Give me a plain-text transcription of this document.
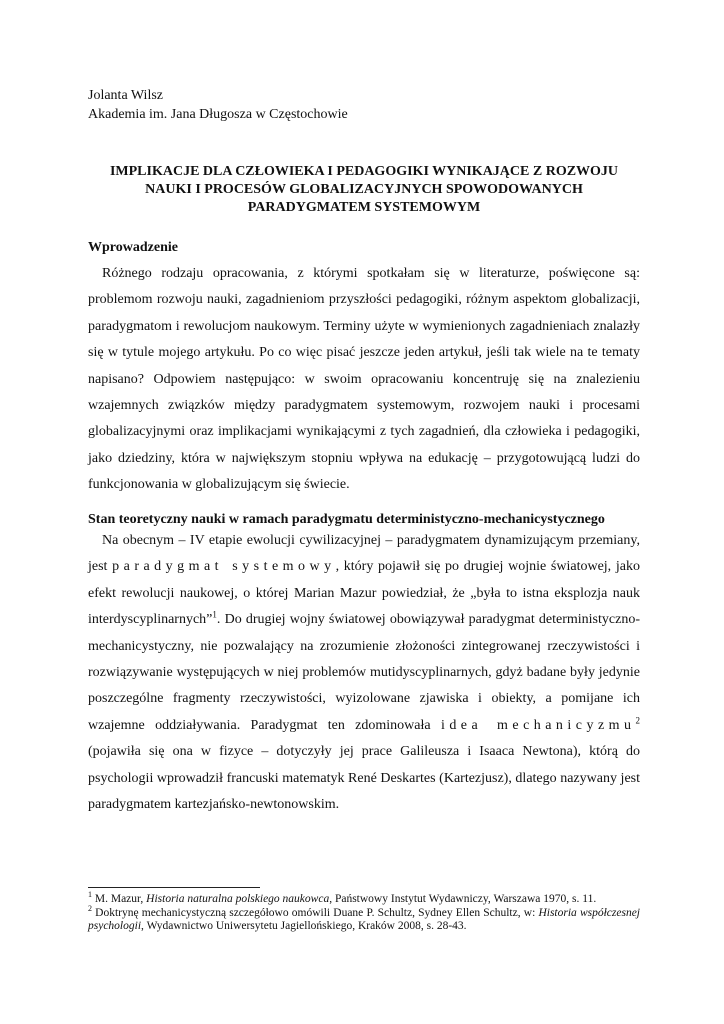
Jolanta Wilsz
Akademia im. Jana Długosza w Częstochowie
IMPLIKACJE DLA CZŁOWIEKA I PEDAGOGIKI WYNIKAJĄCE Z ROZWOJU NAUKI I PROCESÓW GLOBALIZACYJNYCH SPOWODOWANYCH PARADYGMATEM SYSTEMOWYM
Wprowadzenie
Różnego rodzaju opracowania, z którymi spotkałam się w literaturze, poświęcone są: problemom rozwoju nauki, zagadnieniom przyszłości pedagogiki, różnym aspektom globalizacji, paradygmatom i rewolucjom naukowym. Terminy użyte w wymienionych zagadnieniach znalazły się w tytule mojego artykułu. Po co więc pisać jeszcze jeden artykuł, jeśli tak wiele na te tematy napisano? Odpowiem następująco: w swoim opracowaniu koncentruję się na znalezieniu wzajemnych związków między paradygmatem systemowym, rozwojem nauki i procesami globalizacyjnymi oraz implikacjami wynikającymi z tych zagadnień, dla człowieka i pedagogiki, jako dziedziny, która w największym stopniu wpływa na edukację – przygotowującą ludzi do funkcjonowania w globalizującym się świecie.
Stan teoretyczny nauki w ramach paradygmatu deterministyczno-mechanicystycznego
Na obecnym – IV etapie ewolucji cywilizacyjnej – paradygmatem dynamizującym przemiany, jest paradygmat systemowy, który pojawił się po drugiej wojnie światowej, jako efekt rewolucji naukowej, o której Marian Mazur powiedział, że „była to istna eksplozja nauk interdyscyplinarnych”$^1$. Do drugiej wojny światowej obowiązywał paradygmat deterministyczno-mechanicystyczny, nie pozwalający na zrozumienie złożoności zintegrowanej rzeczywistości i rozwiązywanie występujących w niej problemów mutidyscyplinarnych, gdyż badane były jedynie poszczególne fragmenty rzeczywistości, wyizolowane zjawiska i obiekty, a pomijane ich wzajemne oddziaływania. Paradygmat ten zdominowała idea mechanicyzmu$^2$ (pojawiła się ona w fizyce – dotyczyły jej prace Galileusza i Isaaca Newtona), którą do psychologii wprowadził francuski matematyk René Deskartes (Kartezjusz), dlatego nazywany jest paradygmatem kartezjańsko-newtonowskim.

$^1$ M. Mazur, Historia naturalna polskiego naukowca, Państwowy Instytut Wydawniczy, Warszawa 1970, s. 11.

$^2$ Doktrynę mechanicystyczną szczegółowo omówili Duane P. Schultz, Sydney Ellen Schultz, w: Historia współczesnej psychologii, Wydawnictwo Uniwersytetu Jagiellońskiego, Kraków 2008, s. 28-43.
